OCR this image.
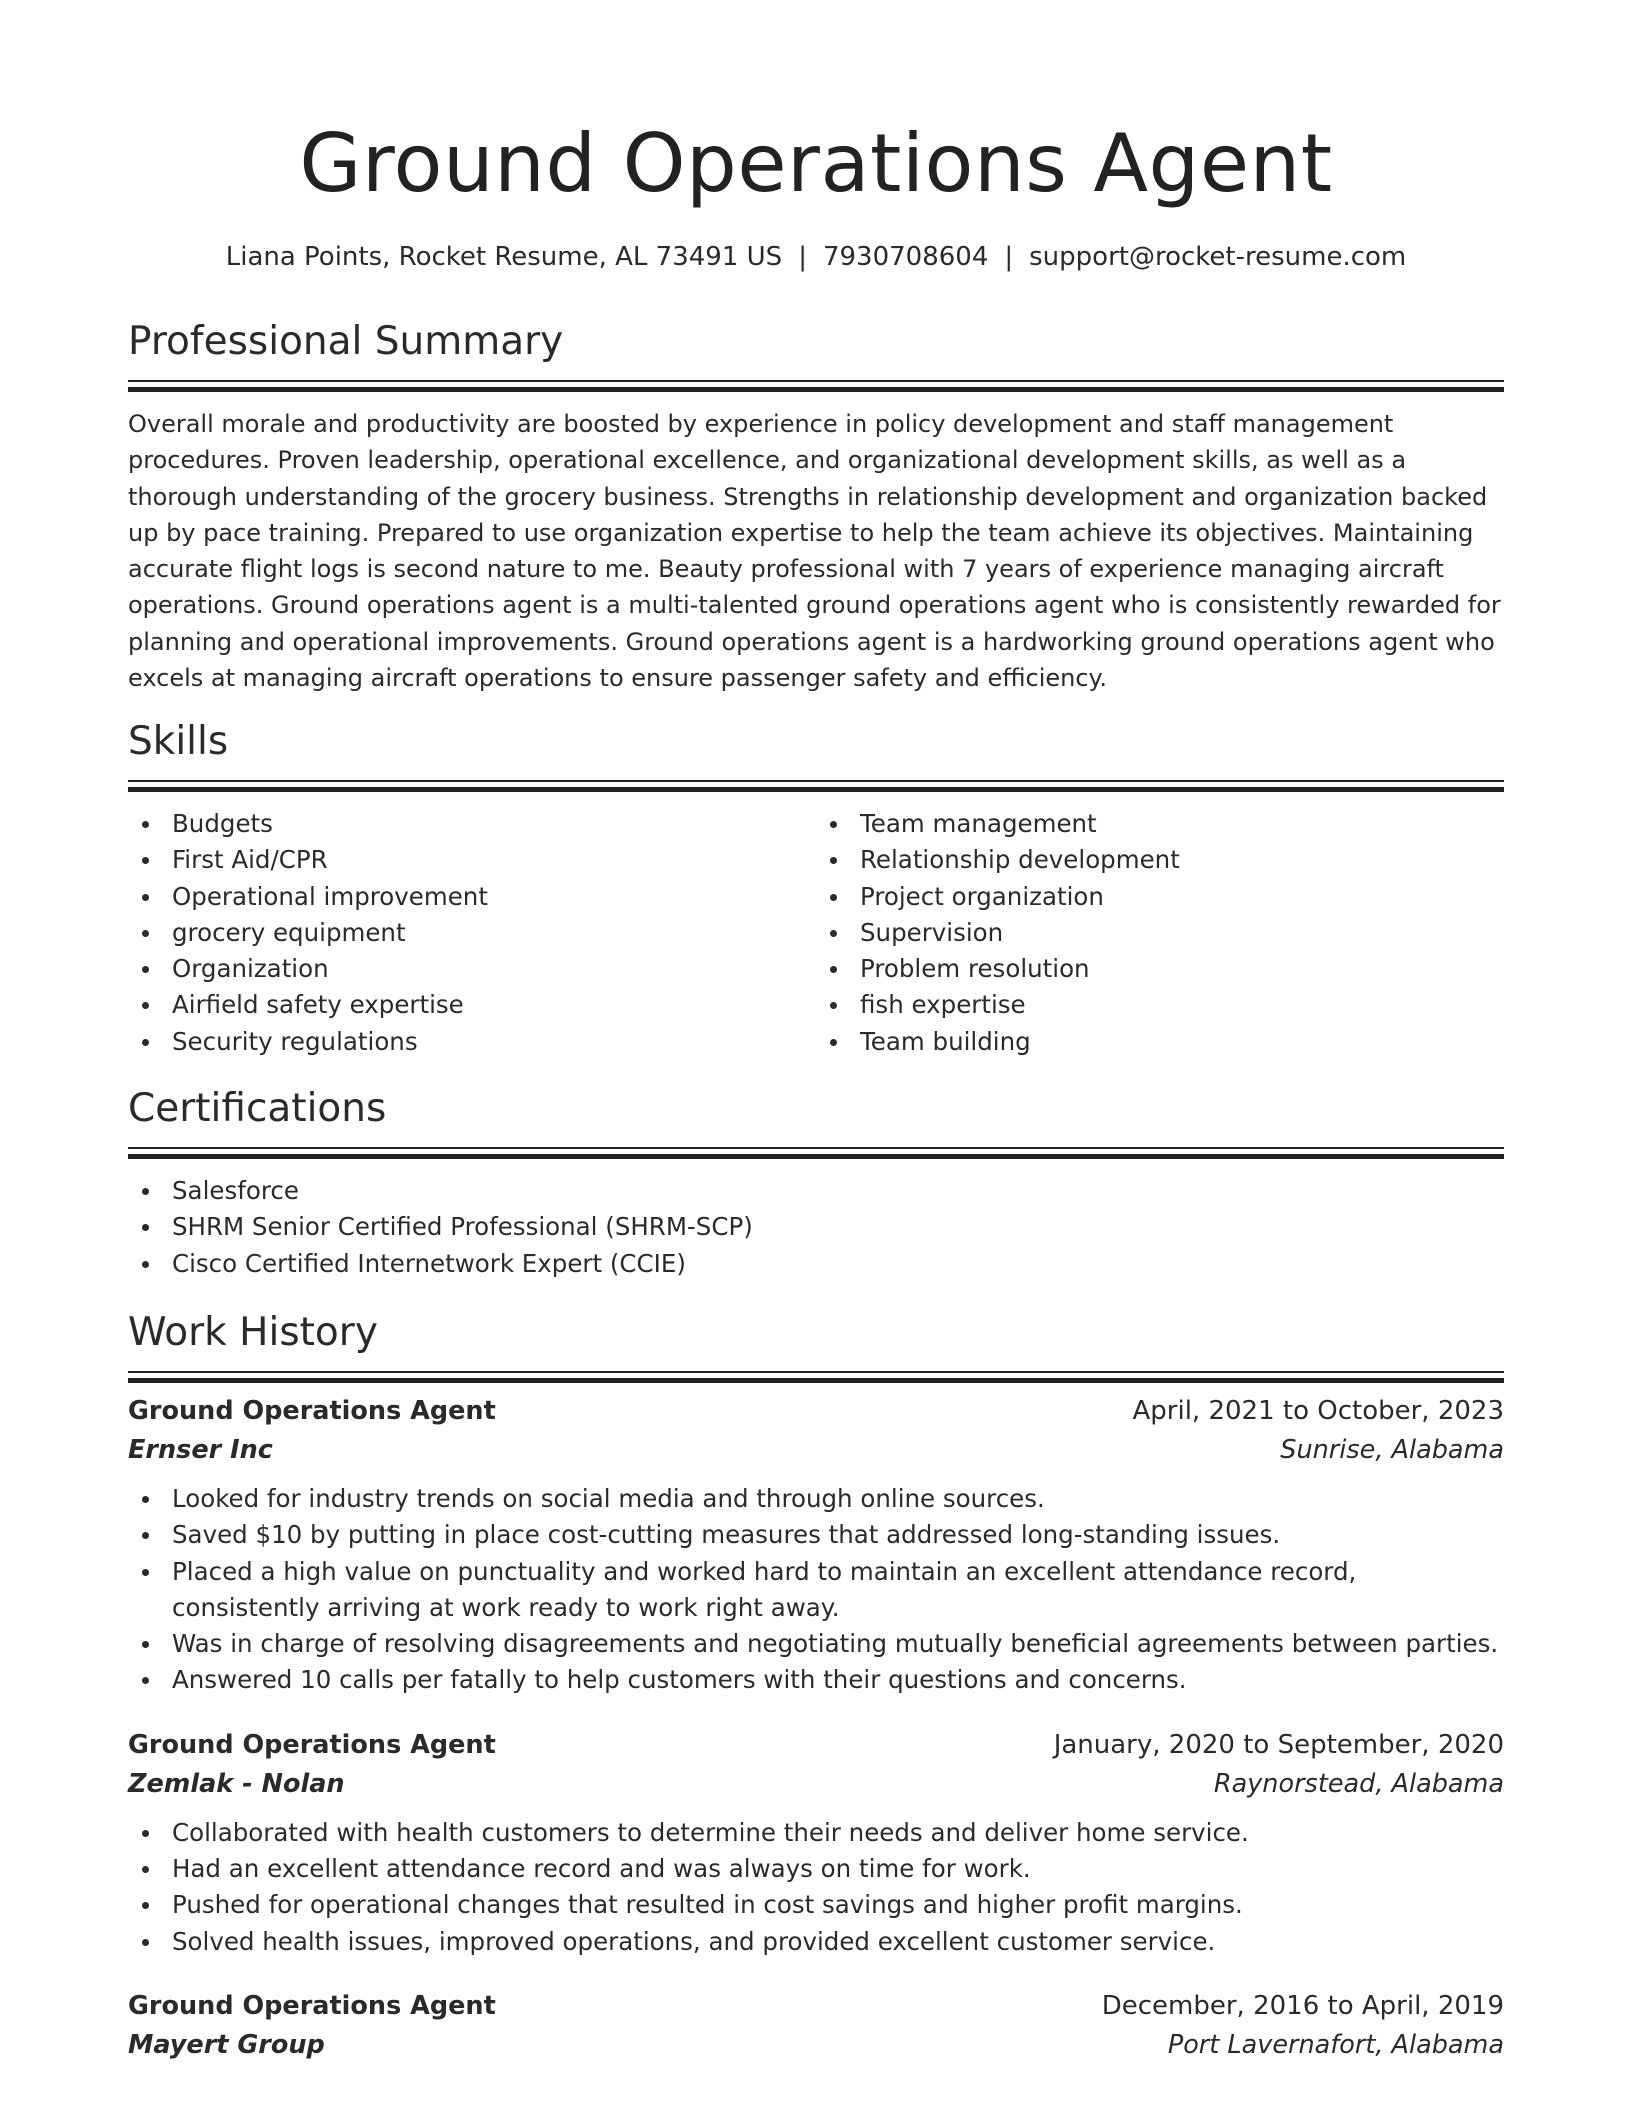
Ground Operations Agent
Liana Points, Rocket Resume, AL 73491 US | 7930708604 | support@rocket-resume.com
Professional Summary

Overall morale and productivity are boosted by experience in policy development and staff management procedures. Proven leadership, operational excellence, and organizational development skills, as well as a thorough understanding of the grocery business. Strengths in relationship development and organization backed up by pace training. Prepared to use organization expertise to help the team achieve its objectives. Maintaining accurate flight logs is second nature to me. Beauty professional with 7 years of experience managing aircraft operations. Ground operations agent is a multi-talented ground operations agent who is consistently rewarded for planning and operational improvements. Ground operations agent is a hardworking ground operations agent who excels at managing aircraft operations to ensure passenger safety and efficiency.

Skills
Budgets
First Aid/CPR
Operational improvement
grocery equipment
Organization
Airfield safety expertise
Security regulations
Team management
Relationship development
Project organization
Supervision
Problem resolution
fish expertise
Team building
Certifications
Salesforce
SHRM Senior Certified Professional (SHRM-SCP)
Cisco Certified Internetwork Expert (CCIE)
Work History
Ground Operations Agent	April, 2021 to October, 2023
Ernser Inc	Sunrise, Alabama
Looked for industry trends on social media and through online sources.
Saved $10 by putting in place cost-cutting measures that addressed long-standing issues.
Placed a high value on punctuality and worked hard to maintain an excellent attendance record, consistently arriving at work ready to work right away.
Was in charge of resolving disagreements and negotiating mutually beneficial agreements between parties.
Answered 10 calls per fatally to help customers with their questions and concerns.
Ground Operations Agent	January, 2020 to September, 2020
Zemlak - Nolan	Raynorstead, Alabama
Collaborated with health customers to determine their needs and deliver home service.
Had an excellent attendance record and was always on time for work.
Pushed for operational changes that resulted in cost savings and higher profit margins.
Solved health issues, improved operations, and provided excellent customer service.
Ground Operations Agent	December, 2016 to April, 2019
Mayert Group	Port Lavernafort, Alabama
